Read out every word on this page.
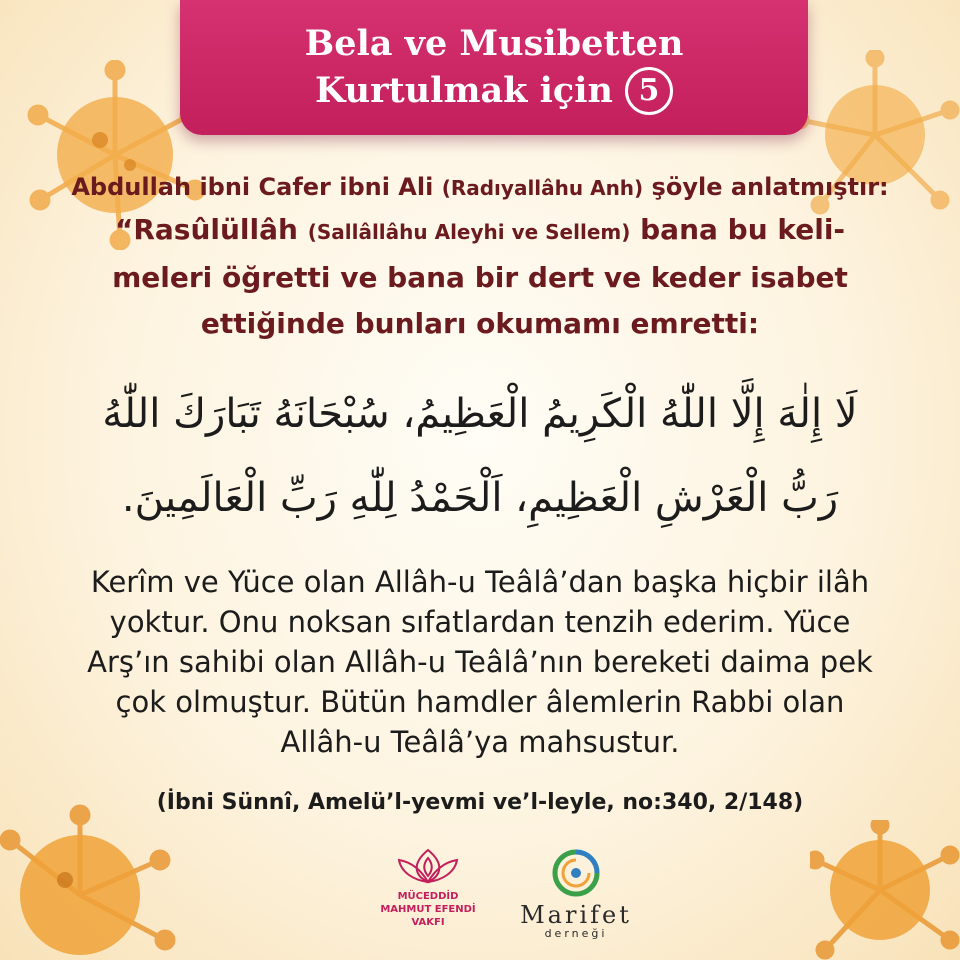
Bela ve Musibetten
Kurtulmak için 5
Abdullah ibni Cafer ibni Ali (Radıyallâhu Anh) şöyle anlatmıştır:
“Rasûlüllâh (Sallâllâhu Aleyhi ve Sellem) bana bu keli-
meleri öğretti ve bana bir dert ve keder isabet
ettiğinde bunları okumamı emretti:
لَا إِلٰهَ إِلَّا اللّٰهُ الْكَرِيمُ الْعَظِيمُ، سُبْحَانَهُ تَبَارَكَ اللّٰهُ
رَبُّ الْعَرْشِ الْعَظِيمِ، اَلْحَمْدُ لِلّٰهِ رَبِّ الْعَالَمِينَ.
Kerîm ve Yüce olan Allâh-u Teâlâ’dan başka hiçbir ilâh
yoktur. Onu noksan sıfatlardan tenzih ederim. Yüce
Arş’ın sahibi olan Allâh-u Teâlâ’nın bereketi daima pek
çok olmuştur. Bütün hamdler âlemlerin Rabbi olan
Allâh-u Teâlâ’ya mahsustur.
(İbni Sünnî, Amelü’l-yevmi ve’l-leyle, no:340, 2/148)
MÜCEDDİD
MAHMUT EFENDİ
VAKFI	Marifet
derneği
